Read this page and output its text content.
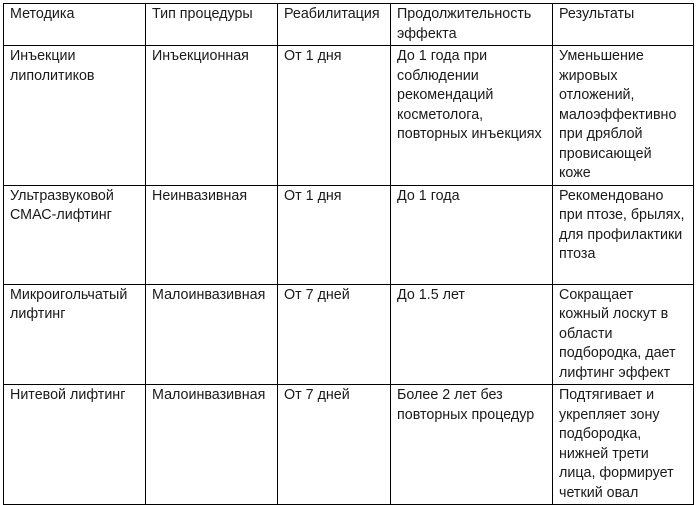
Методика	Тип процедуры	Реабилитация	Продолжительность эффекта	Результаты
Инъекции липолитиков	Инъекционная	От 1 дня	До 1 года при соблюдении рекомендаций косметолога, повторных инъекциях	Уменьшение жировых отложений, малоэффективно при дряблой провисающей коже
Ультразвуковой СМАС-лифтинг	Неинвазивная	От 1 дня	До 1 года	Рекомендовано при птозе, брылях, для профилактики птоза
Микроигольчатый лифтинг	Малоинвазивная	От 7 дней	До 1.5 лет	Сокращает кожный лоскут в области подбородка, дает лифтинг эффект
Нитевой лифтинг	Малоинвазивная	От 7 дней	Более 2 лет без повторных процедур	Подтягивает и укрепляет зону подбородка, нижней трети лица, формирует четкий овал
